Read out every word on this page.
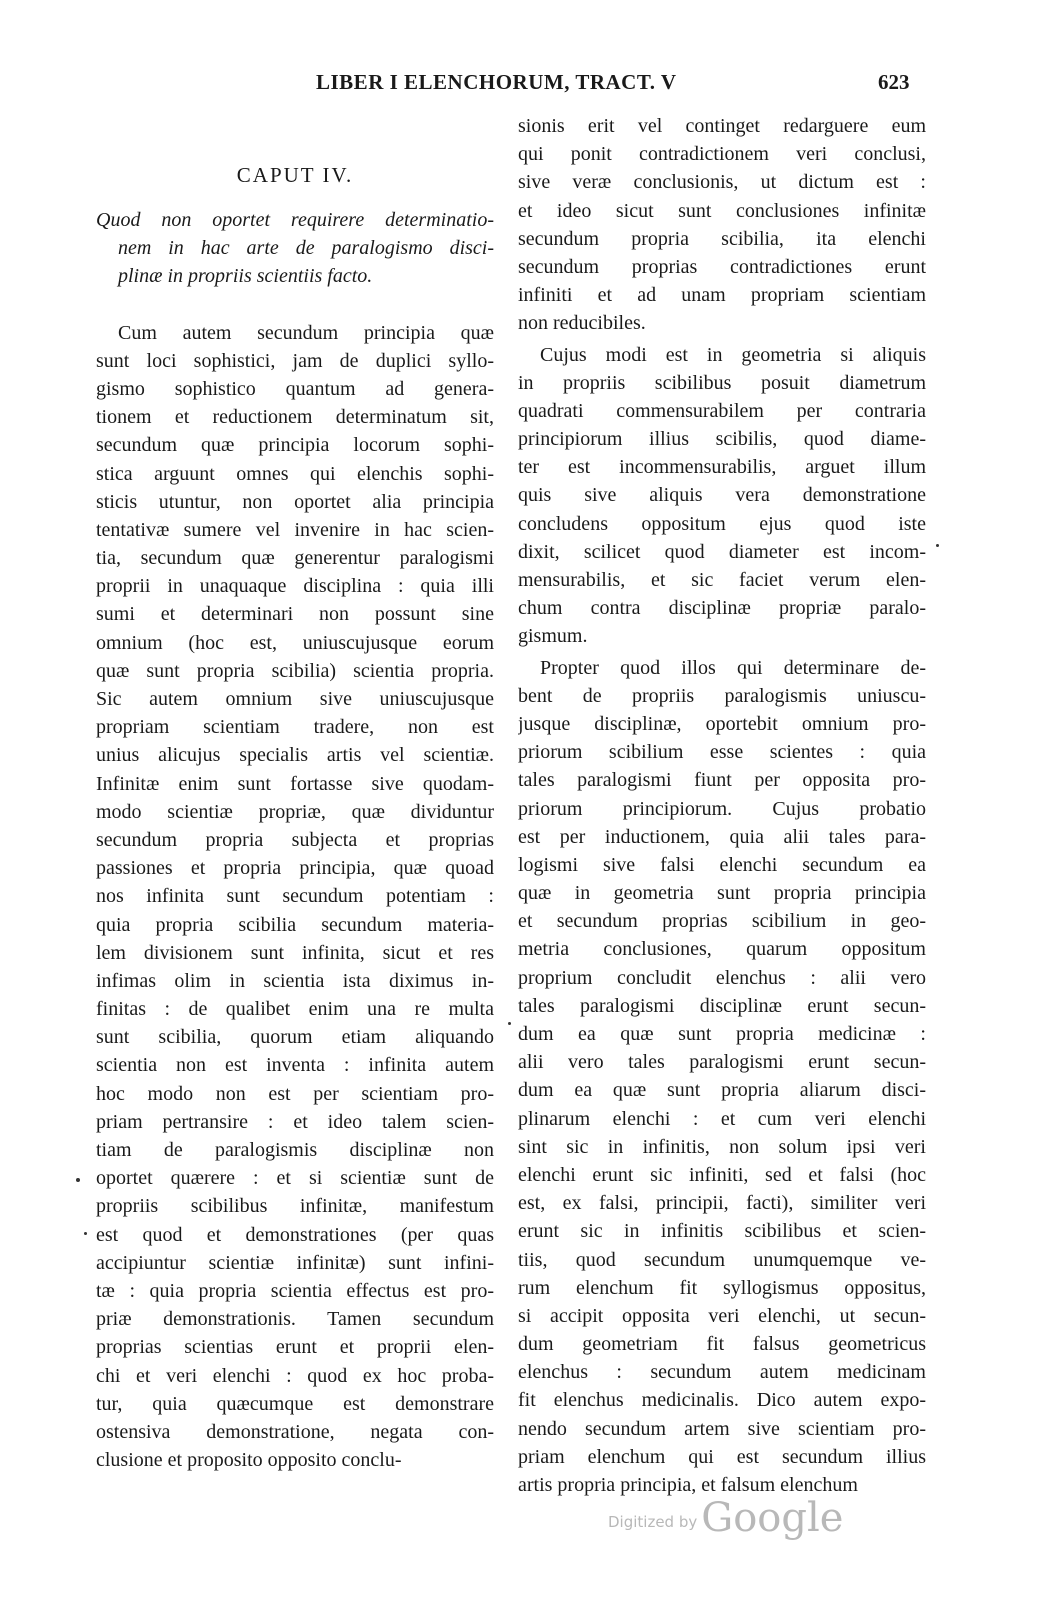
LIBER I ELENCHORUM, TRACT. V	623
CAPUT IV.
Quod non oportet requirere determinatio-
nem in hac arte de paralogismo disci-
plinæ in propriis scientiis facto.
Cum autem secundum principia quæ
sunt loci sophistici, jam de duplici syllo-
gismo sophistico quantum ad genera-
tionem et reductionem determinatum sit,
secundum quæ principia locorum sophi-
stica arguunt omnes qui elenchis sophi-
sticis utuntur, non oportet alia principia
tentativæ sumere vel invenire in hac scien-
tia, secundum quæ generentur paralogismi
proprii in unaquaque disciplina : quia illi
sumi et determinari non possunt sine
omnium (hoc est, uniuscujusque eorum
quæ sunt propria scibilia) scientia propria.
Sic autem omnium sive uniuscujusque
propriam scientiam tradere, non est
unius alicujus specialis artis vel scientiæ.
Infinitæ enim sunt fortasse sive quodam-
modo scientiæ propriæ, quæ dividuntur
secundum propria subjecta et proprias
passiones et propria principia, quæ quoad
nos infinita sunt secundum potentiam :
quia propria scibilia secundum materia-
lem divisionem sunt infinita, sicut et res
infimas olim in scientia ista diximus in-
finitas : de qualibet enim una re multa
sunt scibilia, quorum etiam aliquando
scientia non est inventa : infinita autem
hoc modo non est per scientiam pro-
priam pertransire : et ideo talem scien-
tiam de paralogismis disciplinæ non
oportet quærere : et si scientiæ sunt de
propriis scibilibus infinitæ, manifestum
est quod et demonstrationes (per quas
accipiuntur scientiæ infinitæ) sunt infini-
tæ : quia propria scientia effectus est pro-
priæ demonstrationis. Tamen secundum
proprias scientias erunt et proprii elen-
chi et veri elenchi : quod ex hoc proba-
tur, quia quæcumque est demonstrare
ostensiva demonstratione, negata con-
clusione et proposito opposito conclu-
sionis erit vel continget redarguere eum
qui ponit contradictionem veri conclusi,
sive veræ conclusionis, ut dictum est :
et ideo sicut sunt conclusiones infinitæ
secundum propria scibilia, ita elenchi
secundum proprias contradictiones erunt
infiniti et ad unam propriam scientiam
non reducibiles.
Cujus modi est in geometria si aliquis
in propriis scibilibus posuit diametrum
quadrati commensurabilem per contraria
principiorum illius scibilis, quod diame-
ter est incommensurabilis, arguet illum
quis sive aliquis vera demonstratione
concludens oppositum ejus quod iste
dixit, scilicet quod diameter est incom-
mensurabilis, et sic faciet verum elen-
chum contra disciplinæ propriæ paralo-
gismum.
Propter quod illos qui determinare de-
bent de propriis paralogismis uniuscu-
jusque disciplinæ, oportebit omnium pro-
priorum scibilium esse scientes : quia
tales paralogismi fiunt per opposita pro-
priorum principiorum. Cujus probatio
est per inductionem, quia alii tales para-
logismi sive falsi elenchi secundum ea
quæ in geometria sunt propria principia
et secundum proprias scibilium in geo-
metria conclusiones, quarum oppositum
proprium concludit elenchus : alii vero
tales paralogismi disciplinæ erunt secun-
dum ea quæ sunt propria medicinæ :
alii vero tales paralogismi erunt secun-
dum ea quæ sunt propria aliarum disci-
plinarum elenchi : et cum veri elenchi
sint sic in infinitis, non solum ipsi veri
elenchi erunt sic infiniti, sed et falsi (hoc
est, ex falsi, principii, facti), similiter veri
erunt sic in infinitis scibilibus et scien-
tiis, quod secundum unumquemque ve-
rum elenchum fit syllogismus oppositus,
si accipit opposita veri elenchi, ut secun-
dum geometriam fit falsus geometricus
elenchus : secundum autem medicinam
fit elenchus medicinalis. Dico autem expo-
nendo secundum artem sive scientiam pro-
priam elenchum qui est secundum illius
artis propria principia, et falsum elenchum
Digitized by Google
